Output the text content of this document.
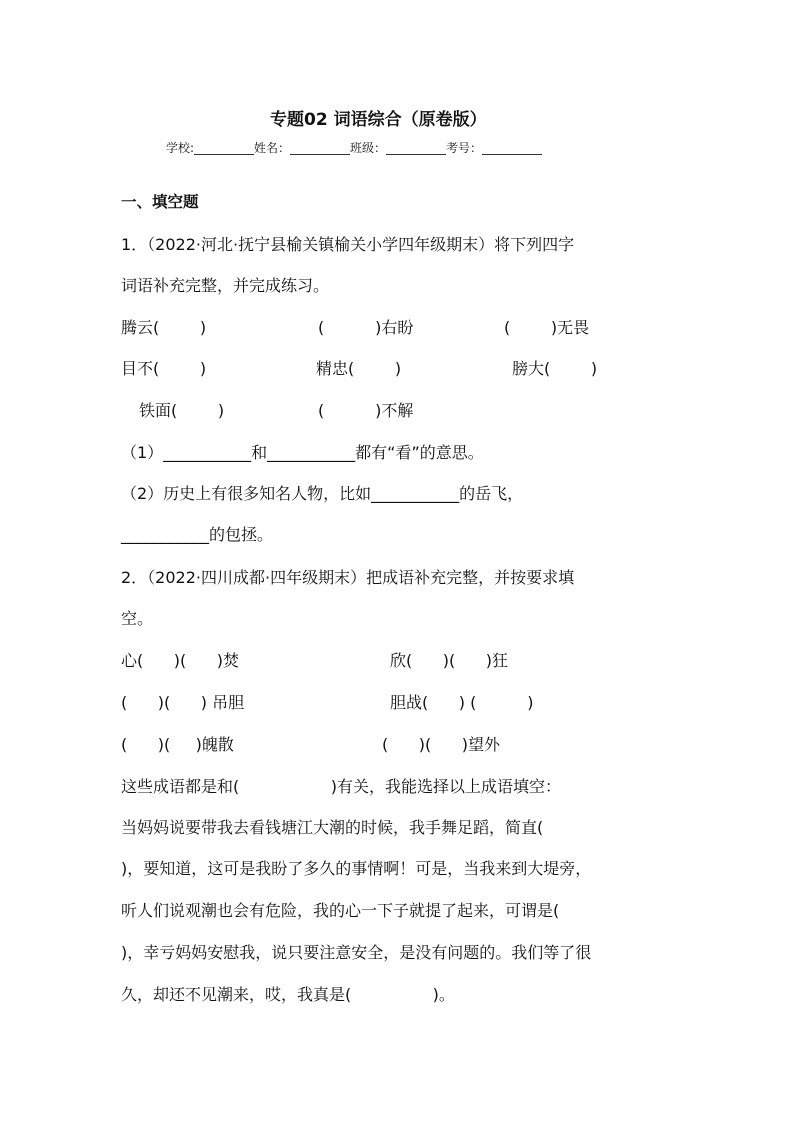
专题02 词语综合（原卷版）
学校:__________姓名：__________班级：__________考号：__________
一、填空题
1．（2022·河北·抚宁县榆关镇榆关小学四年级期末）将下列四字
词语补充完整，并完成练习。
腾云(        )	(          )右盼	(        )无畏
目不(        )	精忠(        )	膀大(        )
铁面(        )	(          )不解
（1）___________和___________都有“看”的意思。
（2）历史上有很多知名人物，比如___________的岳飞，
___________的包拯。
2．（2022·四川成都·四年级期末）把成语补充完整，并按要求填
空。
心(      )(      )焚	欣(      )(      )狂
(      )(      ) 吊胆	胆战(      ) (          )
(      )(     )魄散	(      )(      )望外
这些成语都是和(                  )有关，我能选择以上成语填空：
当妈妈说要带我去看钱塘江大潮的时候，我手舞足蹈，简直(
)，要知道，这可是我盼了多久的事情啊！可是，当我来到大堤旁，
听人们说观潮也会有危险，我的心一下子就提了起来，可谓是(
)，幸亏妈妈安慰我，说只要注意安全，是没有问题的。我们等了很
久，却还不见潮来，哎，我真是(                )。
